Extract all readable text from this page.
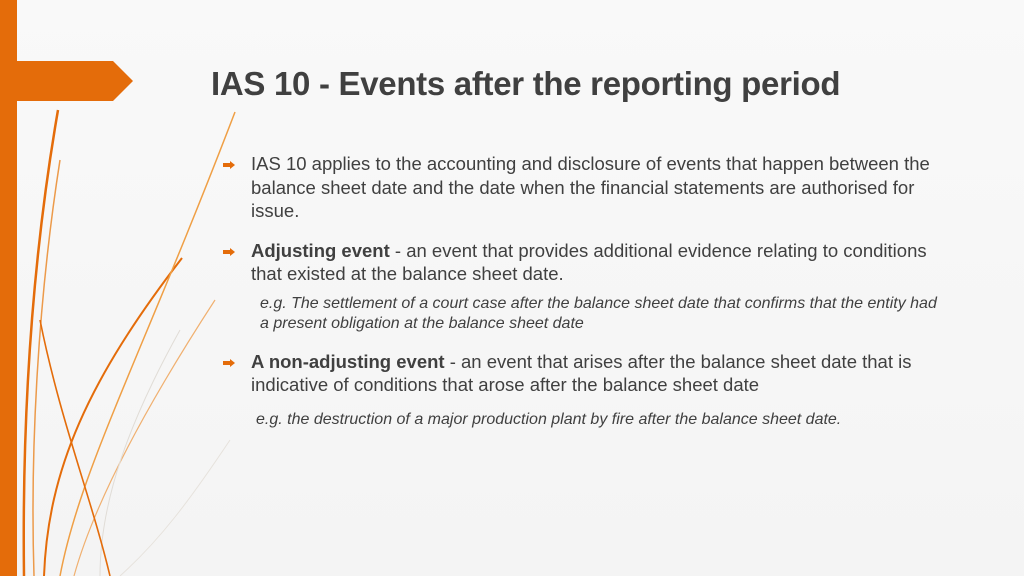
IAS 10 - Events after the reporting period
IAS 10 applies to the accounting and disclosure of events that happen between the balance sheet date and the date when the financial statements are authorised for issue.
Adjusting event - an event that provides additional evidence relating to conditions that existed at the balance sheet date.
e.g. The settlement of a court case after the balance sheet date that confirms that the entity had a present obligation at the balance sheet date
A non-adjusting event - an event that arises after the balance sheet date that is indicative of conditions that arose after the balance sheet date
e.g. the destruction of a major production plant by fire after the balance sheet date.
